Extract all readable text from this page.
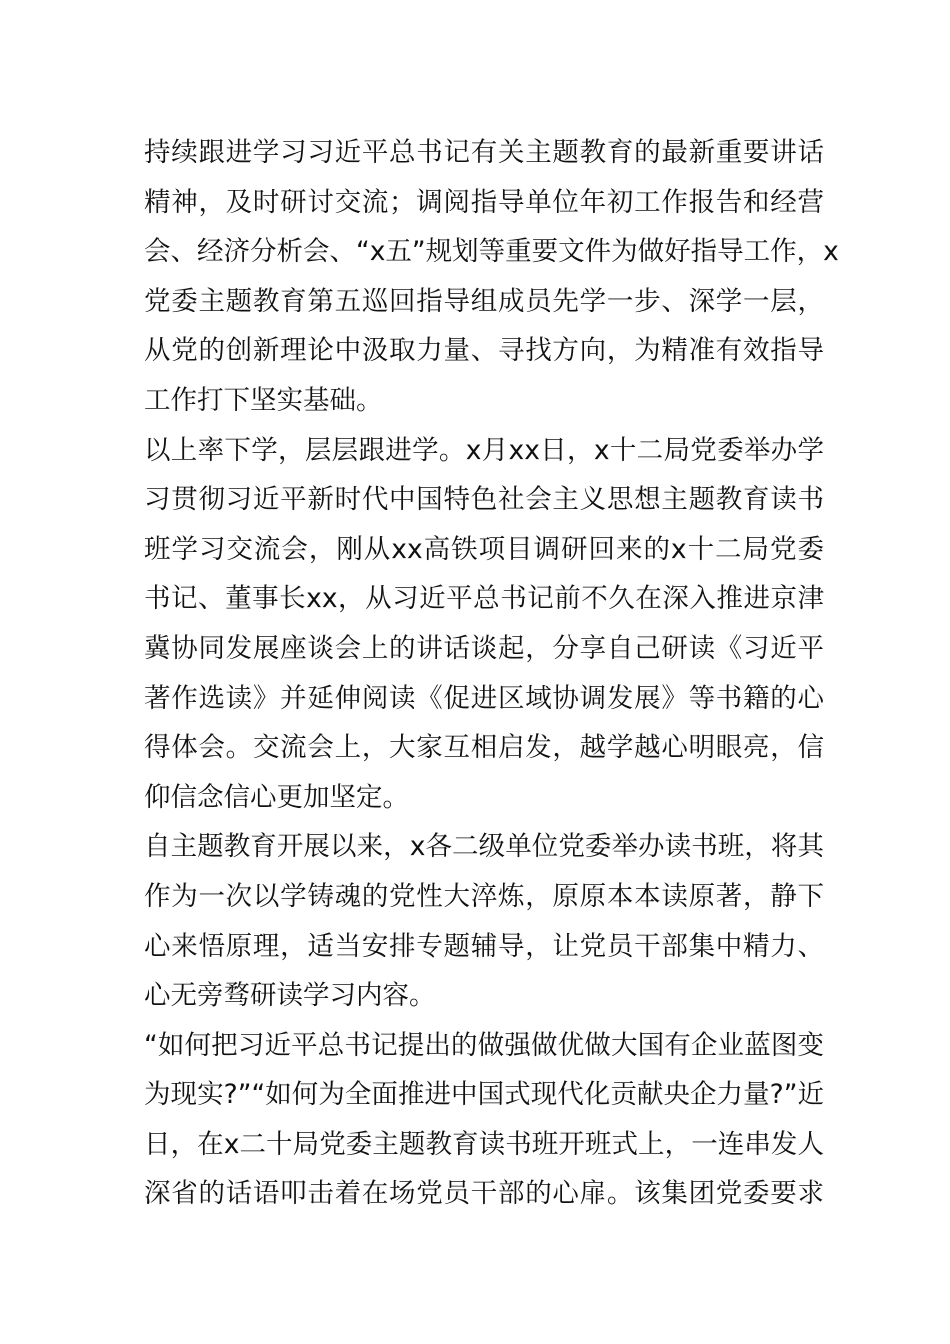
持续跟进学习习近平总书记有关主题教育的最新重要讲话
精神，及时研讨交流；调阅指导单位年初工作报告和经营
会、经济分析会、“x五”规划等重要文件为做好指导工作，x
党委主题教育第五巡回指导组成员先学一步、深学一层，
从党的创新理论中汲取力量、寻找方向，为精准有效指导
工作打下坚实基础。
以上率下学，层层跟进学。x月xx日，x十二局党委举办学
习贯彻习近平新时代中国特色社会主义思想主题教育读书
班学习交流会，刚从xx高铁项目调研回来的x十二局党委
书记、董事长xx，从习近平总书记前不久在深入推进京津
冀协同发展座谈会上的讲话谈起，分享自己研读《习近平
著作选读》并延伸阅读《促进区域协调发展》等书籍的心
得体会。交流会上，大家互相启发，越学越心明眼亮，信
仰信念信心更加坚定。
自主题教育开展以来，x各二级单位党委举办读书班，将其
作为一次以学铸魂的党性大淬炼，原原本本读原著，静下
心来悟原理，适当安排专题辅导，让党员干部集中精力、
心无旁骛研读学习内容。
“如何把习近平总书记提出的做强做优做大国有企业蓝图变
为现实?”“如何为全面推进中国式现代化贡献央企力量?”近
日，在x二十局党委主题教育读书班开班式上，一连串发人
深省的话语叩击着在场党员干部的心扉。该集团党委要求
